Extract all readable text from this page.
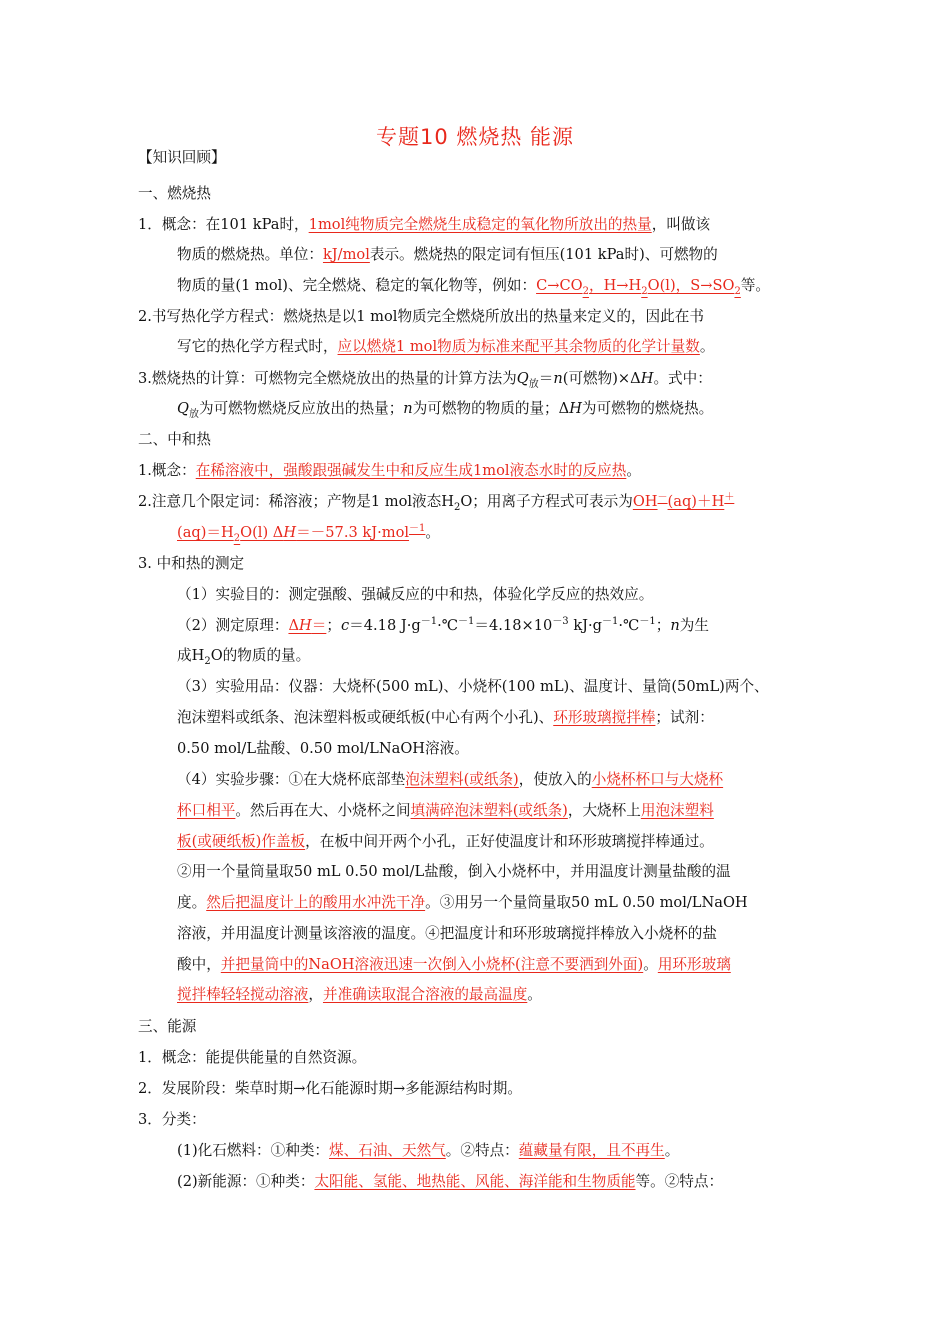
专题10 燃烧热 能源
【知识回顾】
一、燃烧热
1．概念：在101 kPa时，1mol纯物质完全燃烧生成稳定的氧化物所放出的热量，叫做该
物质的燃烧热。单位：kJ/mol表示。燃烧热的限定词有恒压(101 kPa时)、可燃物的
物质的量(1 mol)、完全燃烧、稳定的氧化物等，例如：$C\to CO_2$，$H\to H_2O(l)$，$S\to SO_2$等。
2.书写热化学方程式：燃烧热是以1 mol物质完全燃烧所放出的热量来定义的，因此在书
写它的热化学方程式时，应以燃烧1 mol物质为标准来配平其余物质的化学计量数。
3.燃烧热的计算：可燃物完全燃烧放出的热量的计算方法为$Q_放=n$(可燃物)×ΔH。式中：
$Q_放$为可燃物燃烧反应放出的热量；n为可燃物的物质的量；ΔH为可燃物的燃烧热。
二、中和热
1.概念：在稀溶液中，强酸跟强碱发生中和反应生成1mol液态水时的反应热。
2.注意几个限定词：稀溶液；产物是1 mol液态$H_2O$；用离子方程式可表示为OH－(aq)＋H＋
$(aq)=H_2O(l)$ ΔH＝－57.3 kJ·mol$^{-1}$。
3. 中和热的测定
（1）实验目的：测定强酸、强碱反应的中和热，体验化学反应的热效应。
（2）测定原理：ΔH＝；c＝4.18 $J\cdot g^{-1}\cdot℃^{-1}=4.18\times 10^{-3}$ $kJ\cdot g^{-1}\cdot℃^{-1}$；n为生
成$H_2O$的物质的量。
（3）实验用品：仪器：大烧杯(500 mL)、小烧杯(100 mL)、温度计、量筒(50mL)两个、
泡沫塑料或纸条、泡沫塑料板或硬纸板(中心有两个小孔)、环形玻璃搅拌棒；试剂：
0.50 mol/L盐酸、0.50 mol/LNaOH溶液。
（4）实验步骤：①在大烧杯底部垫泡沫塑料(或纸条)，使放入的小烧杯杯口与大烧杯
杯口相平。然后再在大、小烧杯之间填满碎泡沫塑料(或纸条)，大烧杯上用泡沫塑料
板(或硬纸板)作盖板，在板中间开两个小孔，正好使温度计和环形玻璃搅拌棒通过。
②用一个量筒量取50 mL 0.50 mol/L盐酸，倒入小烧杯中，并用温度计测量盐酸的温
度。然后把温度计上的酸用水冲洗干净。③用另一个量筒量取50 mL 0.50 mol/LNaOH
溶液，并用温度计测量该溶液的温度。④把温度计和环形玻璃搅拌棒放入小烧杯的盐
酸中，并把量筒中的NaOH溶液迅速一次倒入小烧杯(注意不要洒到外面)。用环形玻璃
搅拌棒轻轻搅动溶液，并准确读取混合溶液的最高温度。
三、能源
1．概念：能提供能量的自然资源。
2．发展阶段：柴草时期→化石能源时期→多能源结构时期。
3．分类：
(1)化石燃料：①种类：煤、石油、天然气。②特点：蕴藏量有限，且不再生。
(2)新能源：①种类：太阳能、氢能、地热能、风能、海洋能和生物质能等。②特点：
